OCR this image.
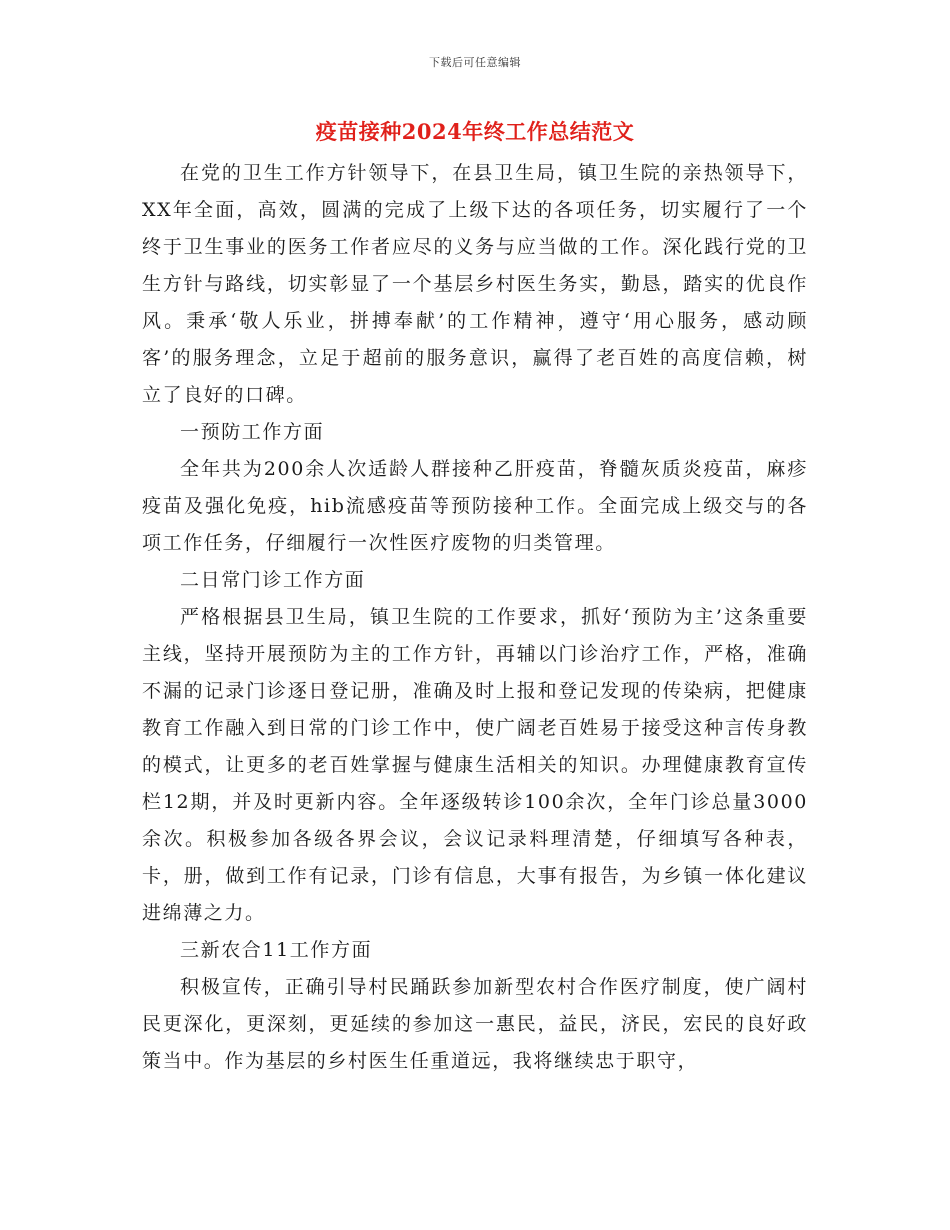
下载后可任意编辑
疫苗接种2024年终工作总结范文

在党的卫生工作方针领导下，在县卫生局，镇卫生院的亲热领导下，XX年全面，高效，圆满的完成了上级下达的各项任务，切实履行了一个终于卫生事业的医务工作者应尽的义务与应当做的工作。深化践行党的卫生方针与路线，切实彰显了一个基层乡村医生务实，勤恳，踏实的优良作风。秉承‘敬人乐业，拼搏奉献’的工作精神，遵守‘用心服务，感动顾客’的服务理念，立足于超前的服务意识，赢得了老百姓的高度信赖，树立了良好的口碑。

一预防工作方面

全年共为200余人次适龄人群接种乙肝疫苗，脊髓灰质炎疫苗，麻疹疫苗及强化免疫，hib流感疫苗等预防接种工作。全面完成上级交与的各项工作任务，仔细履行一次性医疗废物的归类管理。

二日常门诊工作方面

严格根据县卫生局，镇卫生院的工作要求，抓好‘预防为主’这条重要主线，坚持开展预防为主的工作方针，再辅以门诊治疗工作，严格，准确不漏的记录门诊逐日登记册，准确及时上报和登记发现的传染病，把健康教育工作融入到日常的门诊工作中，使广阔老百姓易于接受这种言传身教的模式，让更多的老百姓掌握与健康生活相关的知识。办理健康教育宣传栏12期，并及时更新内容。全年逐级转诊100余次，全年门诊总量3000余次。积极参加各级各界会议，会议记录料理清楚，仔细填写各种表，卡，册，做到工作有记录，门诊有信息，大事有报告，为乡镇一体化建议进绵薄之力。

三新农合11工作方面

积极宣传，正确引导村民踊跃参加新型农村合作医疗制度，使广阔村民更深化，更深刻，更延续的参加这一惠民，益民，济民，宏民的良好政策当中。作为基层的乡村医生任重道远，我将继续忠于职守，
